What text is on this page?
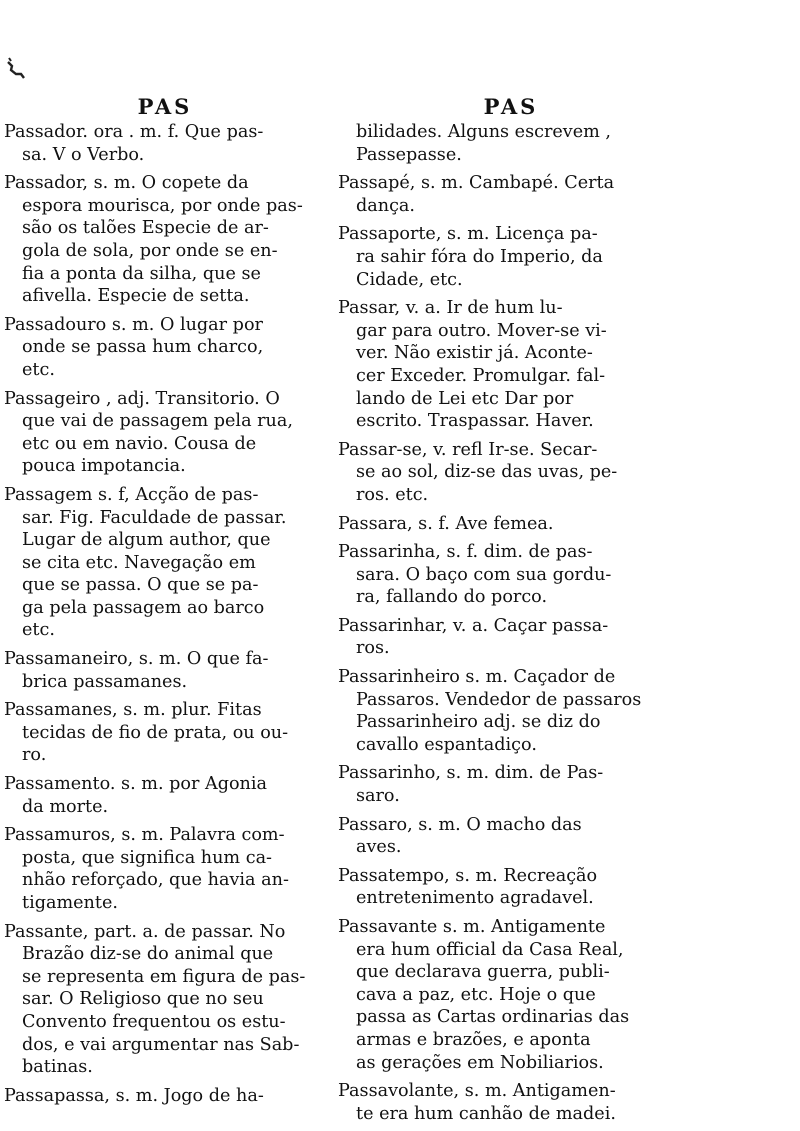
PAS
Passador. ora . m. f. Que pas-
sa. V o Verbo.
Passador, s. m. O copete da
espora mourisca, por onde pas-
são os talões Especie de ar-
gola de sola, por onde se en-
fia a ponta da silha, que se
afivella. Especie de setta.
Passadouro s. m. O lugar por
onde se passa hum charco,
etc.
Passageiro , adj. Transitorio. O
que vai de passagem pela rua,
etc ou em navio. Cousa de
pouca impotancia.
Passagem s. f, Acção de pas-
sar. Fig. Faculdade de passar.
Lugar de algum author, que
se cita etc. Navegação em
que se passa. O que se pa-
ga pela passagem ao barco
etc.
Passamaneiro, s. m. O que fa-
brica passamanes.
Passamanes, s. m. plur. Fitas
tecidas de fio de prata, ou ou-
ro.
Passamento. s. m. por Agonia
da morte.
Passamuros, s. m. Palavra com-
posta, que significa hum ca-
nhão reforçado, que havia an-
tigamente.
Passante, part. a. de passar. No
Brazão diz-se do animal que
se representa em figura de pas-
sar. O Religioso que no seu
Convento frequentou os estu-
dos, e vai argumentar nas Sab-
batinas.
Passapassa, s. m. Jogo de ha-
PAS
bilidades. Alguns escrevem ,
Passepasse.
Passapé, s. m. Cambapé. Certa
dança.
Passaporte, s. m. Licença pa-
ra sahir fóra do Imperio, da
Cidade, etc.
Passar, v. a. Ir de hum lu-
gar para outro. Mover-se vi-
ver. Não existir já. Aconte-
cer Exceder. Promulgar. fal-
lando de Lei etc Dar por
escrito. Traspassar. Haver.
Passar-se, v. refl Ir-se. Secar-
se ao sol, diz-se das uvas, pe-
ros. etc.
Passara, s. f. Ave femea.
Passarinha, s. f. dim. de pas-
sara. O baço com sua gordu-
ra, fallando do porco.
Passarinhar, v. a. Caçar passa-
ros.
Passarinheiro s. m. Caçador de
Passaros. Vendedor de passaros
Passarinheiro adj. se diz do
cavallo espantadiço.
Passarinho, s. m. dim. de Pas-
saro.
Passaro, s. m. O macho das
aves.
Passatempo, s. m. Recreação
entretenimento agradavel.
Passavante s. m. Antigamente
era hum official da Casa Real,
que declarava guerra, publi-
cava a paz, etc. Hoje o que
passa as Cartas ordinarias das
armas e brazões, e aponta
as gerações em Nobiliarios.
Passavolante, s. m. Antigamen-
te era hum canhão de madei.
